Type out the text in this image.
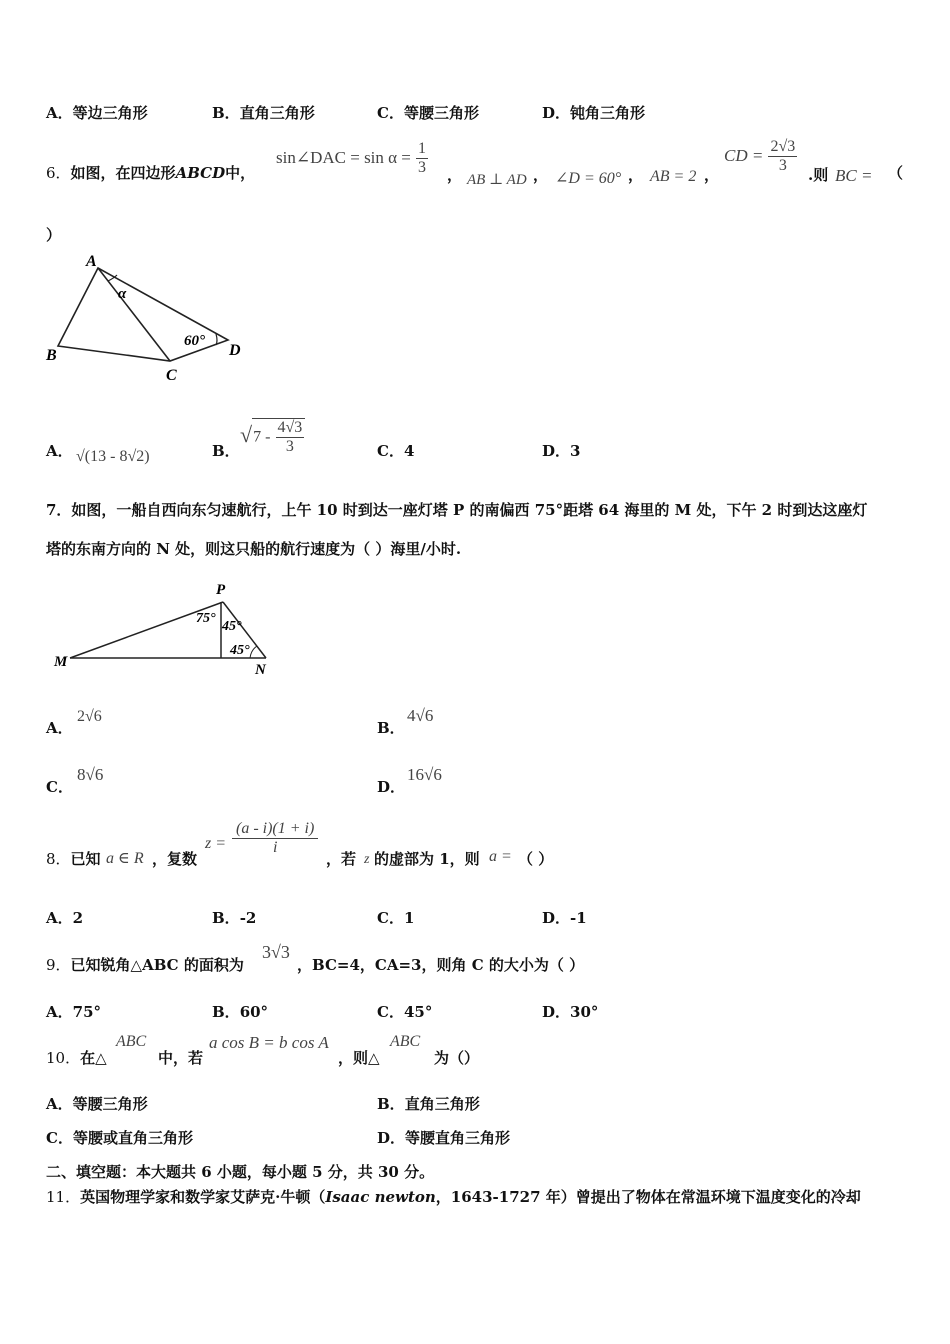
A．等边三角形	B．直角三角形	C．等腰三角形	D．钝角三角形
6．如图，在四边形ABCD中，
sin∠DAC = $\sin \alpha = \frac{1}{3}$ ， AB ⊥ AD ， ∠D = 60° ， AB = 2 ，
CD = $\frac{2√3}{3}$ .则 BC = （
）
A
B
C
D
α
60°
A． √(13 - 8√2)	B．
$√7 - \frac{4√3}{3}$	C．4	D．3
7．如图，一船自西向东匀速航行，上午 10 时到达一座灯塔 P 的南偏西 75°距塔 64 海里的 M 处，下午 2 时到达这座灯
塔的东南方向的 N 处，则这只船的航行速度为（ ）海里/小时.
P
M	N
75°
45°
45°
A．
2√6
B．
4√6
C．
8√6
D．
16√6
8．已知 a ∈ R ，复数
$z = \frac{(a - i)(1 + i)}{i}$
，若 z 的虚部为 1，则 a = （ ）
A．2	B．-2	C．1	D．-1
9．已知锐角△ABC 的面积为
3√3
，BC=4，CA=3，则角 C 的大小为（ ）
A．75°	B．60°	C．45°	D．30°
10．在△
ABC
中，若
a cos B = b cos A
，则△
ABC
为（）
A．等腰三角形	B．直角三角形
C．等腰或直角三角形	D．等腰直角三角形
二、填空题：本大题共 6 小题，每小题 5 分，共 30 分。
11．英国物理学家和数学家艾萨克·牛顿（Isaac newton，1643-1727 年）曾提出了物体在常温环境下温度变化的冷却
